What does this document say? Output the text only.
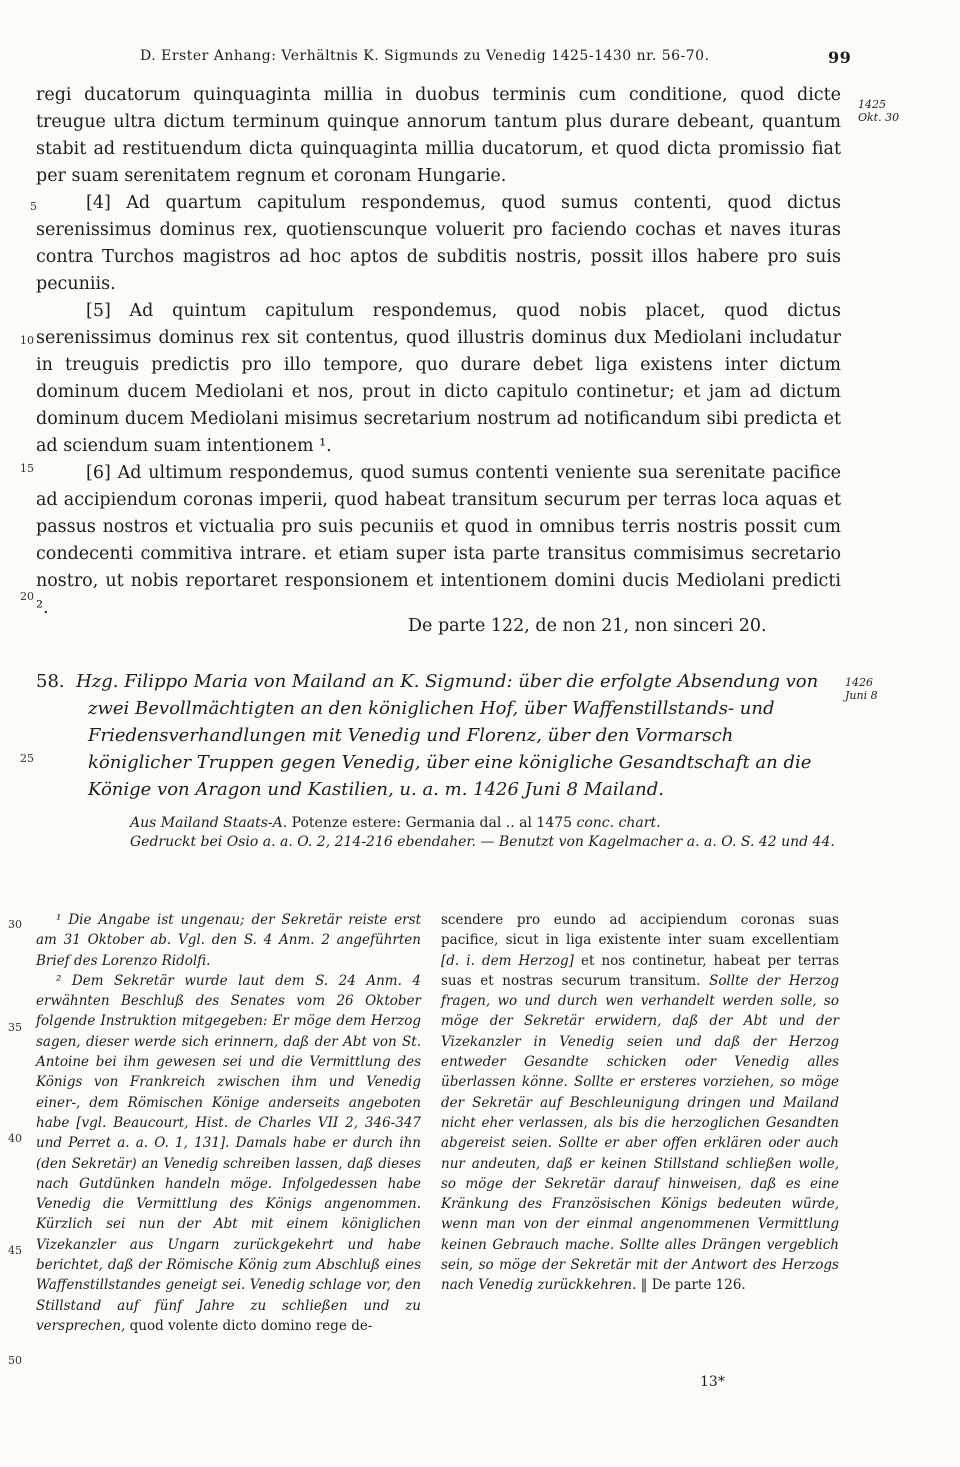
D. Erster Anhang: Verhältnis K. Sigmunds zu Venedig 1425-1430 nr. 56-70.	99
1425
Okt. 30
1426
Juni 8
5
10
15
20
25
30
35
40
45
50

regi ducatorum quinquaginta millia in duobus terminis cum conditione, quod dicte treugue ultra dictum terminum quinque annorum tantum plus durare debeant, quantum stabit ad restituendum dicta quinquaginta millia ducatorum, et quod dicta promissio fiat per suam serenitatem regnum et coronam Hungarie.

[4] Ad quartum capitulum respondemus, quod sumus contenti, quod dictus serenissimus dominus rex, quotienscunque voluerit pro faciendo cochas et naves ituras contra Turchos magistros ad hoc aptos de subditis nostris, possit illos habere pro suis pecuniis.

[5] Ad quintum capitulum respondemus, quod nobis placet, quod dictus serenissimus dominus rex sit contentus, quod illustris dominus dux Mediolani includatur in treuguis predictis pro illo tempore, quo durare debet liga existens inter dictum dominum ducem Mediolani et nos, prout in dicto capitulo continetur; et jam ad dictum dominum ducem Mediolani misimus secretarium nostrum ad notificandum sibi predicta et ad sciendum suam intentionem ¹.

[6] Ad ultimum respondemus, quod sumus contenti veniente sua serenitate pacifice ad accipiendum coronas imperii, quod habeat transitum securum per terras loca aquas et passus nostros et victualia pro suis pecuniis et quod in omnibus terris nostris possit cum condecenti commitiva intrare. et etiam super ista parte transitus commisimus secretario nostro, ut nobis reportaret responsionem et intentionem domini ducis Mediolani predicti ².

De parte 122, de non 21, non sinceri 20.
58. Hzg. Filippo Maria von Mailand an K. Sigmund: über die erfolgte Absendung von zwei Bevollmächtigten an den königlichen Hof, über Waffenstillstands- und Friedensverhandlungen mit Venedig und Florenz, über den Vormarsch königlicher Truppen gegen Venedig, über eine königliche Gesandtschaft an die Könige von Aragon und Kastilien, u. a. m. 1426 Juni 8 Mailand.
Aus Mailand Staats-A. Potenze estere: Germania dal .. al 1475 conc. chart.
Gedruckt bei Osio a. a. O. 2, 214-216 ebendaher. — Benutzt von Kagelmacher a. a. O. S. 42 und 44.

¹ Die Angabe ist ungenau; der Sekretär reiste erst am 31 Oktober ab. Vgl. den S. 4 Anm. 2 angeführten Brief des Lorenzo Ridolfi.

² Dem Sekretär wurde laut dem S. 24 Anm. 4 erwähnten Beschluß des Senates vom 26 Oktober folgende Instruktion mitgegeben: Er möge dem Herzog sagen, dieser werde sich erinnern, daß der Abt von St. Antoine bei ihm gewesen sei und die Vermittlung des Königs von Frankreich zwischen ihm und Venedig einer-, dem Römischen Könige anderseits angeboten habe [vgl. Beaucourt, Hist. de Charles VII 2, 346-347 und Perret a. a. O. 1, 131]. Damals habe er durch ihn (den Sekretär) an Venedig schreiben lassen, daß dieses nach Gutdünken handeln möge. Infolgedessen habe Venedig die Vermittlung des Königs angenommen. Kürzlich sei nun der Abt mit einem königlichen Vizekanzler aus Ungarn zurückgekehrt und habe berichtet, daß der Römische König zum Abschluß eines Waffenstillstandes geneigt sei. Venedig schlage vor, den Stillstand auf fünf Jahre zu schließen und zu versprechen, quod volente dicto domino rege de-

scendere pro eundo ad accipiendum coronas suas pacifice, sicut in liga existente inter suam excellentiam [d. i. dem Herzog] et nos continetur, habeat per terras suas et nostras securum transitum. Sollte der Herzog fragen, wo und durch wen verhandelt werden solle, so möge der Sekretär erwidern, daß der Abt und der Vizekanzler in Venedig seien und daß der Herzog entweder Gesandte schicken oder Venedig alles überlassen könne. Sollte er ersteres vorziehen, so möge der Sekretär auf Beschleunigung dringen und Mailand nicht eher verlassen, als bis die herzoglichen Gesandten abgereist seien. Sollte er aber offen erklären oder auch nur andeuten, daß er keinen Stillstand schließen wolle, so möge der Sekretär darauf hinweisen, daß es eine Kränkung des Französischen Königs bedeuten würde, wenn man von der einmal angenommenen Vermittlung keinen Gebrauch mache. Sollte alles Drängen vergeblich sein, so möge der Sekretär mit der Antwort des Herzogs nach Venedig zurückkehren. ‖ De parte 126.

13*
